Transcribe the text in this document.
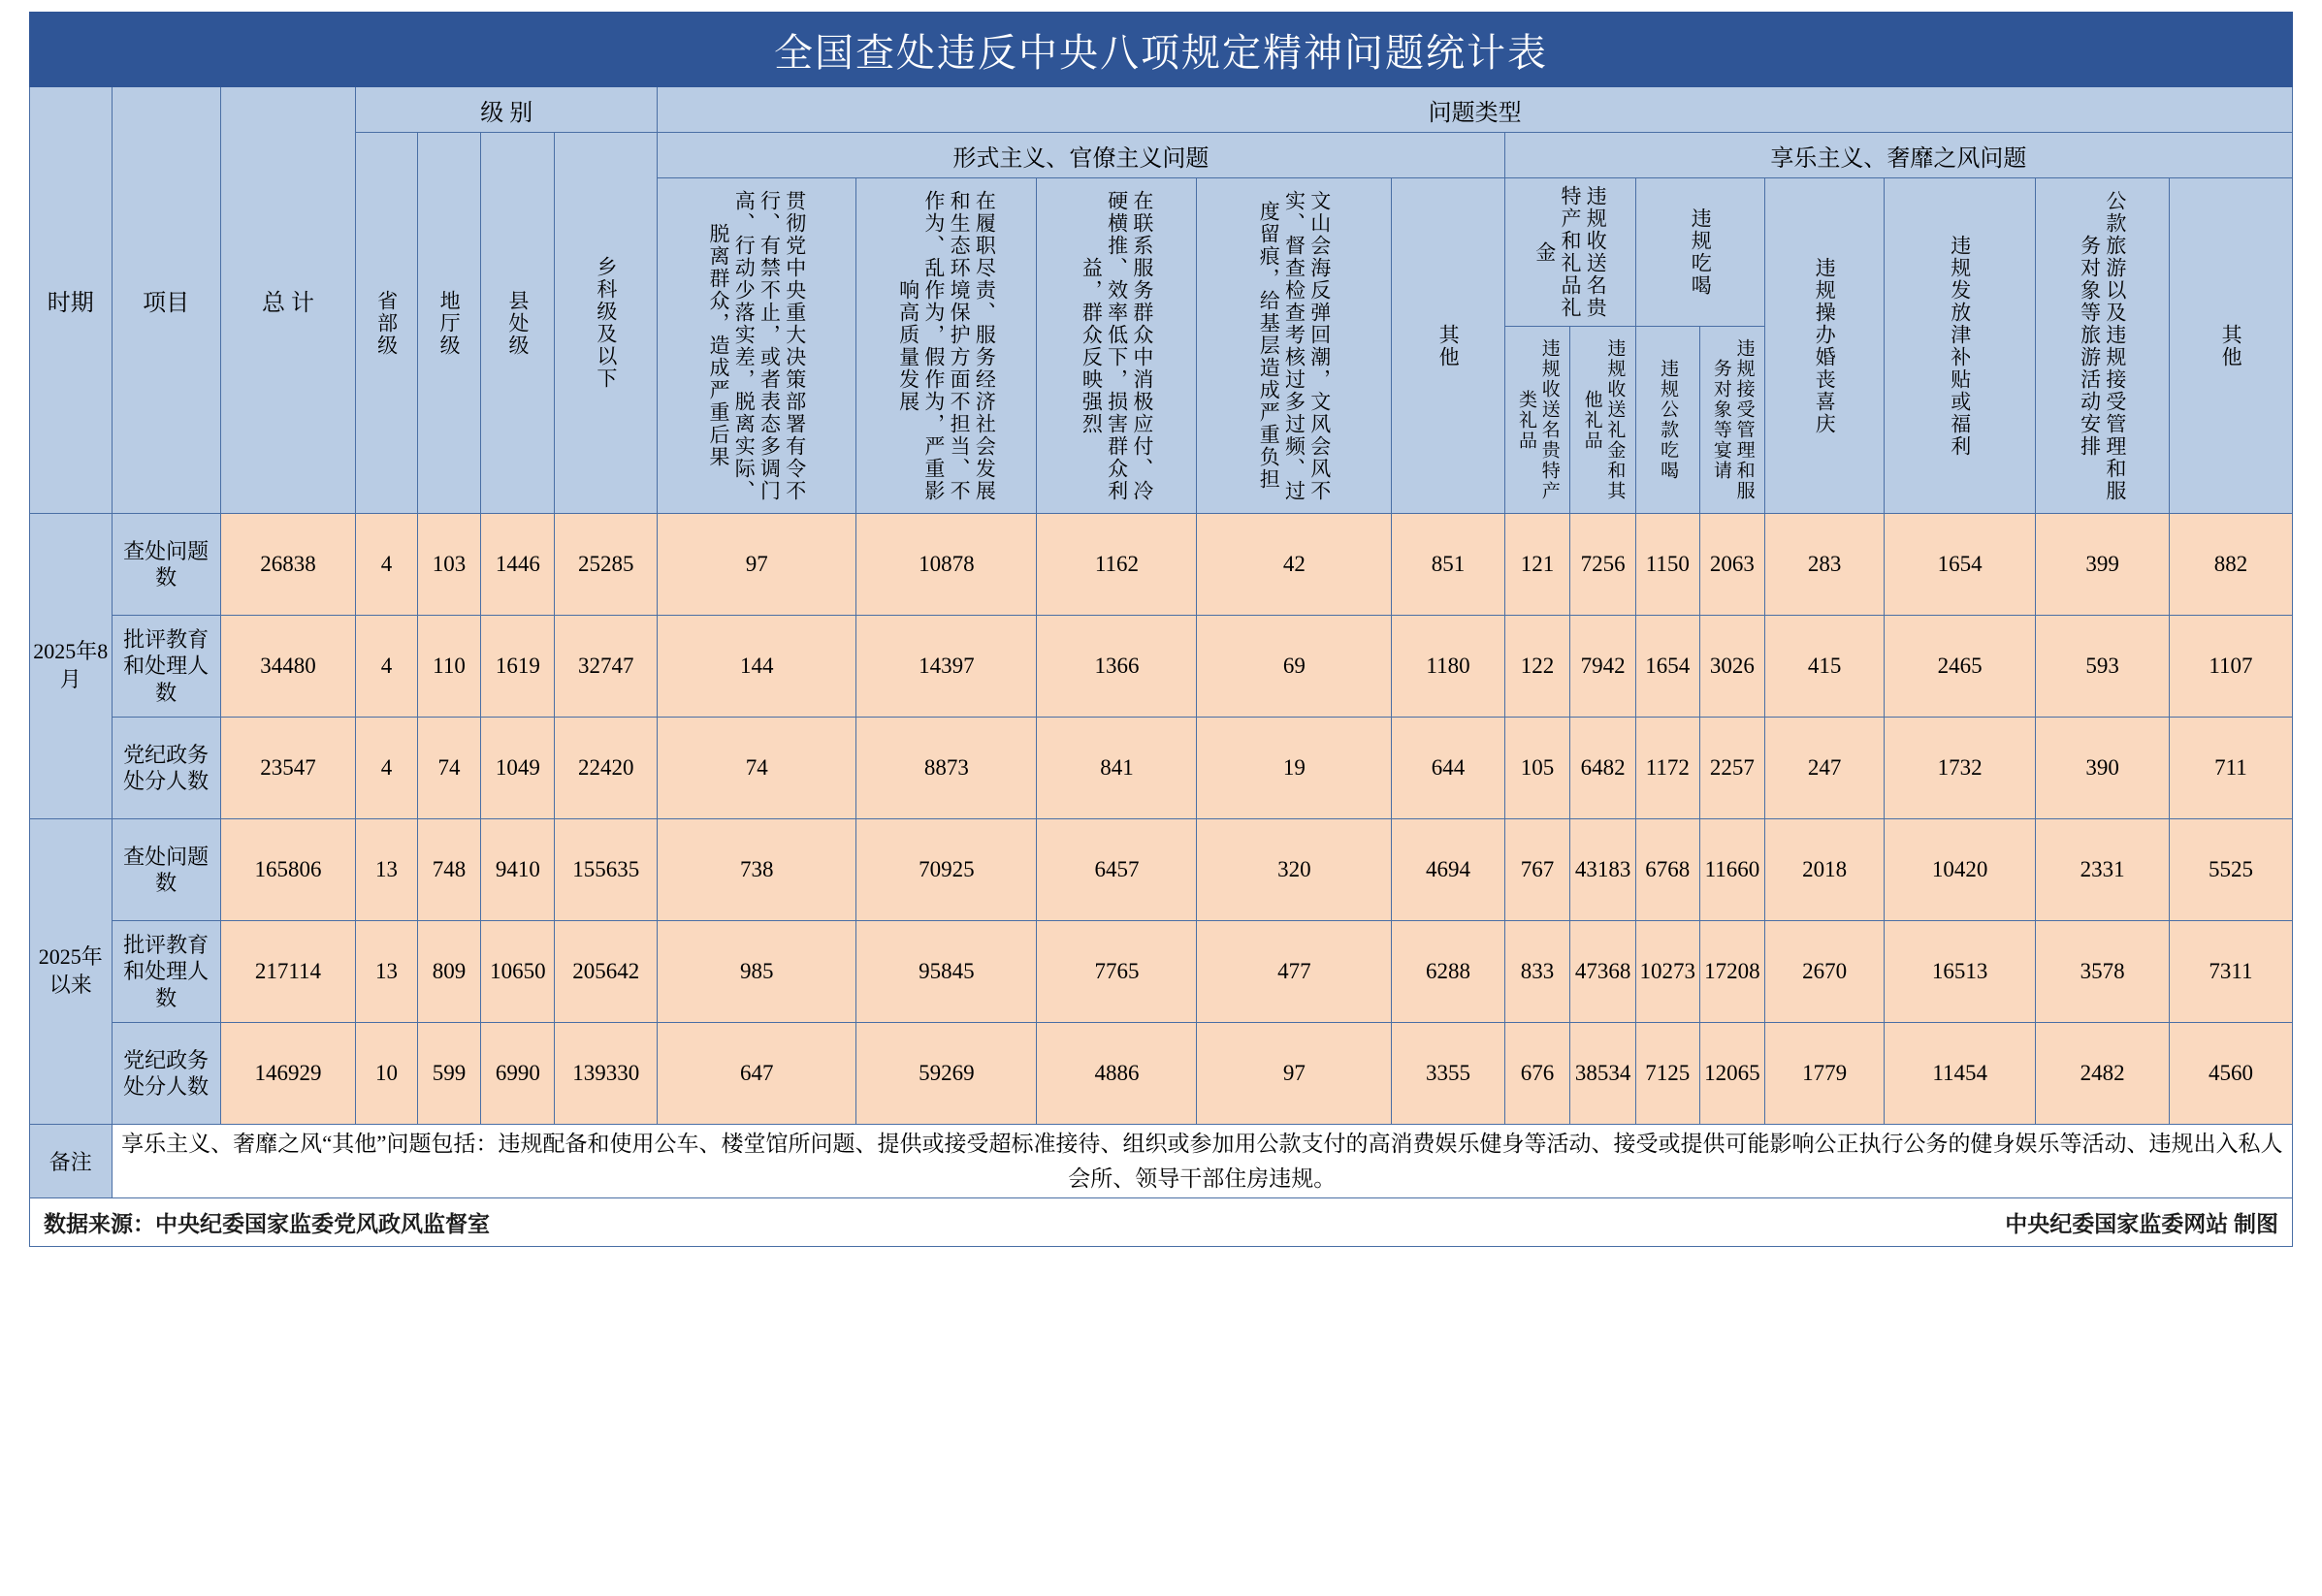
全国查处违反中央八项规定精神问题统计表																			
时期	项目	总 计	级 别				问题类型												

			省部级	地厅级	县处级	乡科级及以下	形式主义、官僚主义问题					享乐主义、奢靡之风问题							

							贯彻党中央重大决策部署有令不行、有禁不止，或者表态多调门高、行动少落实差，脱离实际、脱离群众，造成严重后果	在履职尽责、服务经济社会发展和生态环境保护方面不担当、不作为、乱作为，假作为，严重影响高质量发展	在联系服务群众中消极应付、冷硬横推、效率低下，损害群众利益，群众反映强烈	文山会海反弹回潮，文风会风不实、督查检查考核过多过频、过度留痕，给基层造成严重负担	其他	违规收送名贵特产和礼品礼金		违规吃喝		违规操办婚丧喜庆	违规发放津补贴或福利	公款旅游以及违规接受管理和服务对象等旅游活动安排	其他

												违规收送名贵特产类礼品	违规收送礼金和其他礼品	违规公款吃喝	违规接受管理和服务对象等宴请				

2025年8月	查处问题数	26838	4	103	1446	25285	97	10878	1162	42	851	121	7256	1150	2063	283	1654	399	882
	批评教育和处理人数	34480	4	110	1619	32747	144	14397	1366	69	1180	122	7942	1654	3026	415	2465	593	1107
	党纪政务处分人数	23547	4	74	1049	22420	74	8873	841	19	644	105	6482	1172	2257	247	1732	390	711
2025年以来	查处问题数	165806	13	748	9410	155635	738	70925	6457	320	4694	767	43183	6768	11660	2018	10420	2331	5525
	批评教育和处理人数	217114	13	809	10650	205642	985	95845	7765	477	6288	833	47368	10273	17208	2670	16513	3578	7311
	党纪政务处分人数	146929	10	599	6990	139330	647	59269	4886	97	3355	676	38534	7125	12065	1779	11454	2482	4560
备注	享乐主义、奢靡之风“其他”问题包括：违规配备和使用公车、楼堂馆所问题、提供或接受超标准接待、组织或参加用公款支付的高消费娱乐健身等活动、接受或提供可能影响公正执行公务的健身娱乐等活动、违规出入私人会所、领导干部住房违规。																		
数据来源：中央纪委国家监委党风政风监督室	中央纪委国家监委网站 制图
